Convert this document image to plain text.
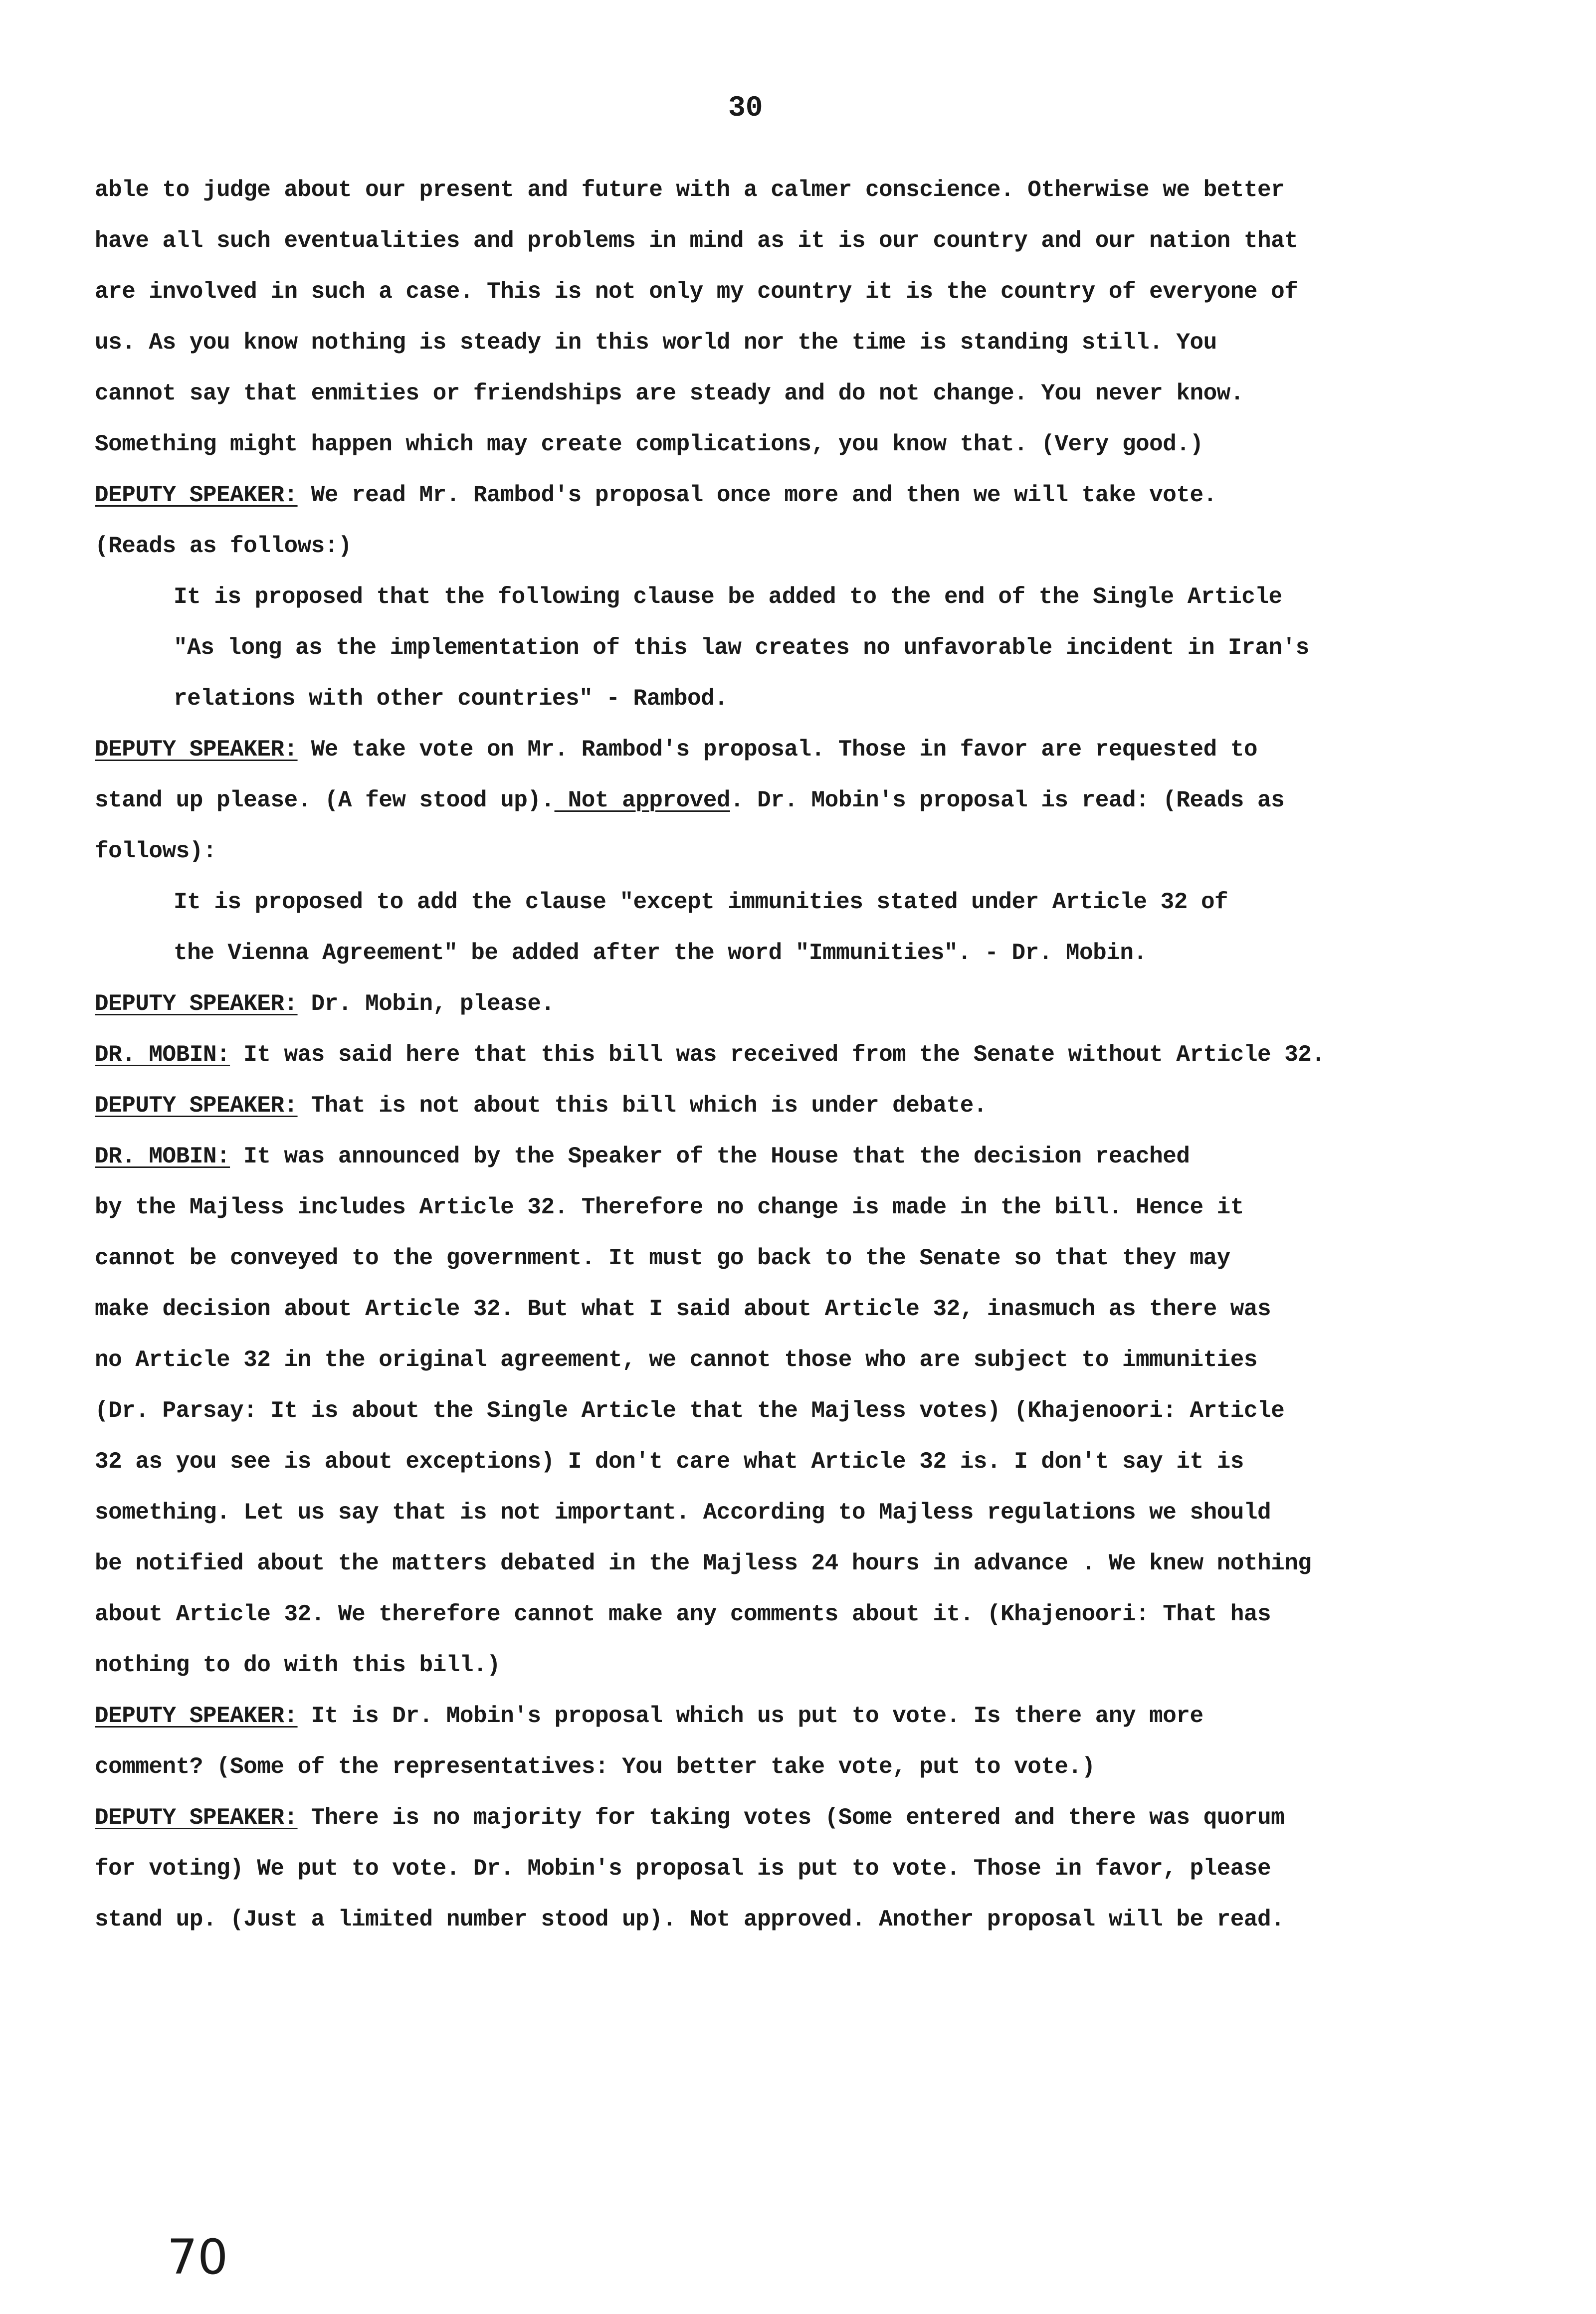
30
able to judge about our present and future with a calmer conscience. Otherwise we better
have all such eventualities and problems in mind as it is our country and our nation that
are involved in such a case. This is not only my country it is the country of everyone of
us. As you know nothing is steady in this world nor the time is standing still. You
cannot say that enmities or friendships are steady and do not change. You never know.
Something might happen which may create complications, you know that. (Very good.)
DEPUTY SPEAKER: We read Mr. Rambod's proposal once more and then we will take vote.
(Reads as follows:)
It is proposed that the following clause be added to the end of the Single Article
"As long as the implementation of this law creates no unfavorable incident in Iran's
relations with other countries" - Rambod.
DEPUTY SPEAKER: We take vote on Mr. Rambod's proposal. Those in favor are requested to
stand up please. (A few stood up). Not approved. Dr. Mobin's proposal is read: (Reads as
follows):
It is proposed to add the clause "except immunities stated under Article 32 of
the Vienna Agreement" be added after the word "Immunities". - Dr. Mobin.
DEPUTY SPEAKER: Dr. Mobin, please.
DR. MOBIN: It was said here that this bill was received from the Senate without Article 32.
DEPUTY SPEAKER: That is not about this bill which is under debate.
DR. MOBIN: It was announced by the Speaker of the House that the decision reached
by the Majless includes Article 32. Therefore no change is made in the bill. Hence it
cannot be conveyed to the government. It must go back to the Senate so that they may
make decision about Article 32. But what I said about Article 32, inasmuch as there was
no Article 32 in the original agreement, we cannot those who are subject to immunities
(Dr. Parsay: It is about the Single Article that the Majless votes) (Khajenoori: Article
32 as you see is about exceptions) I don't care what Article 32 is. I don't say it is
something. Let us say that is not important. According to Majless regulations we should
be notified about the matters debated in the Majless 24 hours in advance . We knew nothing
about Article 32. We therefore cannot make any comments about it. (Khajenoori: That has
nothing to do with this bill.)
DEPUTY SPEAKER: It is Dr. Mobin's proposal which us put to vote. Is there any more
comment? (Some of the representatives: You better take vote, put to vote.)
DEPUTY SPEAKER: There is no majority for taking votes (Some entered and there was quorum
for voting) We put to vote. Dr. Mobin's proposal is put to vote. Those in favor, please
stand up. (Just a limited number stood up). Not approved. Another proposal will be read.
70
